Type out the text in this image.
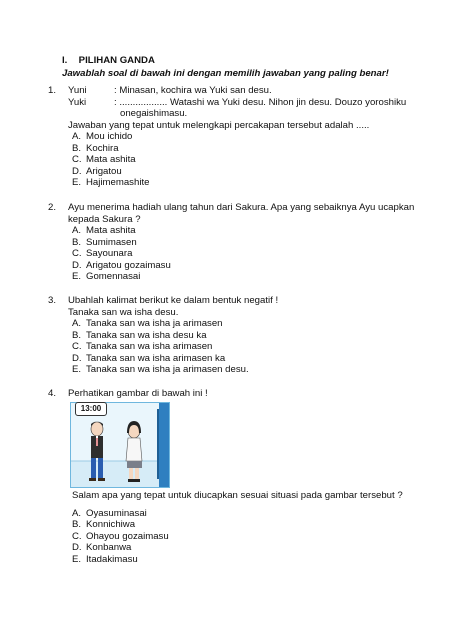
I. PILIHAN GANDA
Jawablah soal di bawah ini dengan memilih jawaban yang paling benar!
1.	Yuni	: Minasan, kochira wa Yuki san desu.
Yuki	: .................. Watashi wa Yuki desu. Nihon jin desu. Douzo yoroshiku
onegaishimasu.
Jawaban yang tepat untuk melengkapi percakapan tersebut adalah .....
A. Mou ichido
B. Kochira
C. Mata ashita
D. Arigatou
E. Hajimemashite
2.	Ayu menerima hadiah ulang tahun dari Sakura. Apa yang sebaiknya Ayu ucapkan
kepada Sakura ?
A. Mata ashita
B. Sumimasen
C. Sayounara
D. Arigatou gozaimasu
E. Gomennasai
3.	Ubahlah kalimat berikut ke dalam bentuk negatif !
Tanaka san wa isha desu.
A. Tanaka san wa isha ja arimasen
B. Tanaka san wa isha desu ka
C. Tanaka san wa isha arimasen
D. Tanaka san wa isha arimasen ka
E. Tanaka san wa isha ja arimasen desu.
4.	Perhatikan gambar di bawah ini !
13:00
Salam apa yang tepat untuk diucapkan sesuai situasi pada gambar tersebut ?
A. Oyasuminasai
B. Konnichiwa
C. Ohayou gozaimasu
D. Konbanwa
E. Itadakimasu
